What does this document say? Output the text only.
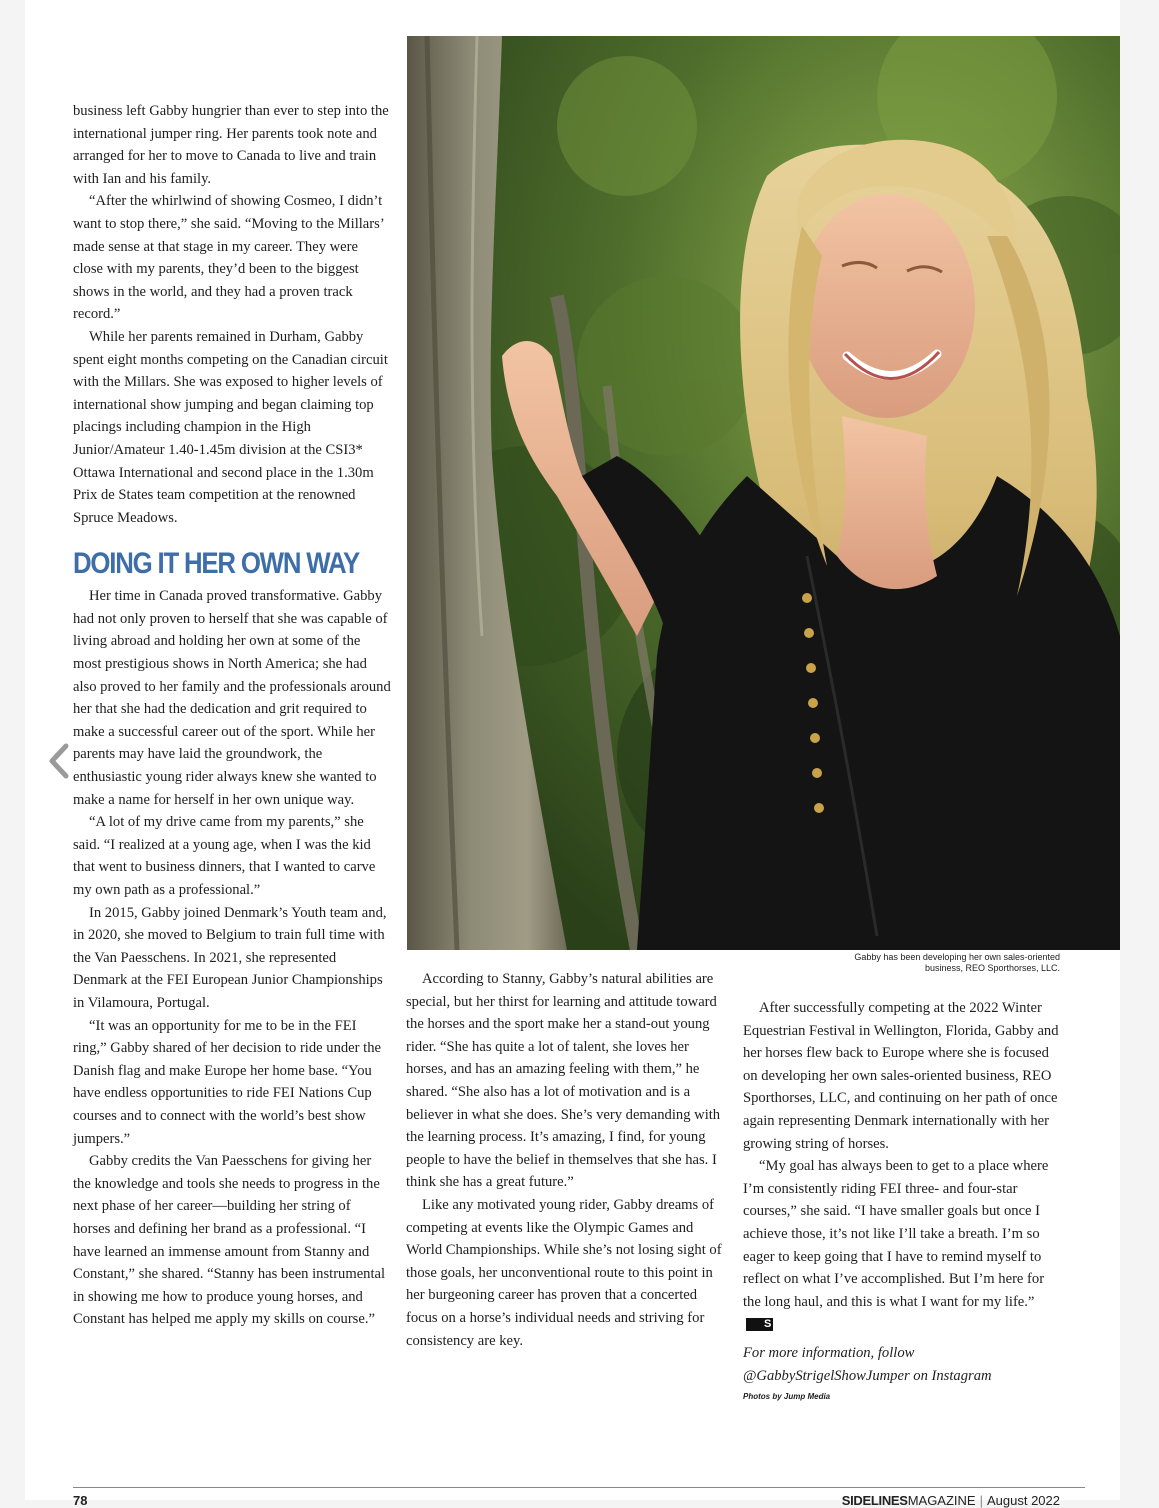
business left Gabby hungrier than ever to step into the international jumper ring. Her parents took note and arranged for her to move to Canada to live and train with Ian and his family.

“After the whirlwind of showing Cosmeo, I didn’t want to stop there,” she said. “Moving to the Millars’ made sense at that stage in my career. They were close with my parents, they’d been to the biggest shows in the world, and they had a proven track record.”

While her parents remained in Durham, Gabby spent eight months competing on the Canadian circuit with the Millars. She was exposed to higher levels of international show jumping and began claiming top placings including champion in the High Junior/Amateur 1.40-1.45m division at the CSI3* Ottawa International and second place in the 1.30m Prix de States team competition at the renowned Spruce Meadows.

DOING IT HER OWN WAY

Her time in Canada proved transformative. Gabby had not only proven to herself that she was capable of living abroad and holding her own at some of the most prestigious shows in North America; she had also proved to her family and the professionals around her that she had the dedication and grit required to make a successful career out of the sport. While her parents may have laid the groundwork, the enthusiastic young rider always knew she wanted to make a name for herself in her own unique way.

“A lot of my drive came from my parents,” she said. “I realized at a young age, when I was the kid that went to business dinners, that I wanted to carve my own path as a professional.”

In 2015, Gabby joined Denmark’s Youth team and, in 2020, she moved to Belgium to train full time with the Van Paesschens. In 2021, she represented Denmark at the FEI European Junior Championships in Vilamoura, Portugal.

“It was an opportunity for me to be in the FEI ring,” Gabby shared of her decision to ride under the Danish flag and make Europe her home base. “You have endless opportunities to ride FEI Nations Cup courses and to connect with the world’s best show jumpers.”

Gabby credits the Van Paesschens for giving her the knowledge and tools she needs to progress in the next phase of her career—building her string of horses and defining her brand as a professional. “I have learned an immense amount from Stanny and Constant,” she shared. “Stanny has been instrumental in showing me how to produce young horses, and Constant has helped me apply my skills on course.”

Gabby has been developing her own sales-oriented
business, REO Sporthorses, LLC.

According to Stanny, Gabby’s natural abilities are special, but her thirst for learning and attitude toward the horses and the sport make her a stand-out young rider. “She has quite a lot of talent, she loves her horses, and has an amazing feeling with them,” he shared. “She also has a lot of motivation and is a believer in what she does. She’s very demanding with the learning process. It’s amazing, I find, for young people to have the belief in themselves that she has. I think she has a great future.”

Like any motivated young rider, Gabby dreams of competing at events like the Olympic Games and World Championships. While she’s not losing sight of those goals, her unconventional route to this point in her burgeoning career has proven that a concerted focus on a horse’s individual needs and striving for consistency are key.

After successfully competing at the 2022 Winter Equestrian Festival in Wellington, Florida, Gabby and her horses flew back to Europe where she is focused on developing her own sales-oriented business, REO Sporthorses, LLC, and continuing on her path of once again representing Denmark internationally with her growing string of horses.

“My goal has always been to get to a place where I’m consistently riding FEI three- and four-star courses,” she said. “I have smaller goals but once I achieve those, it’s not like I’ll take a breath. I’m so eager to keep going that I have to remind myself to reflect on what I’ve accomplished. But I’m here for the long haul, and this is what I want for my life.”S

For more information, follow
@GabbyStrigelShowJumper on Instagram

Photos by Jump Media
78	SIDELINESMAGAZINE | August 2022
